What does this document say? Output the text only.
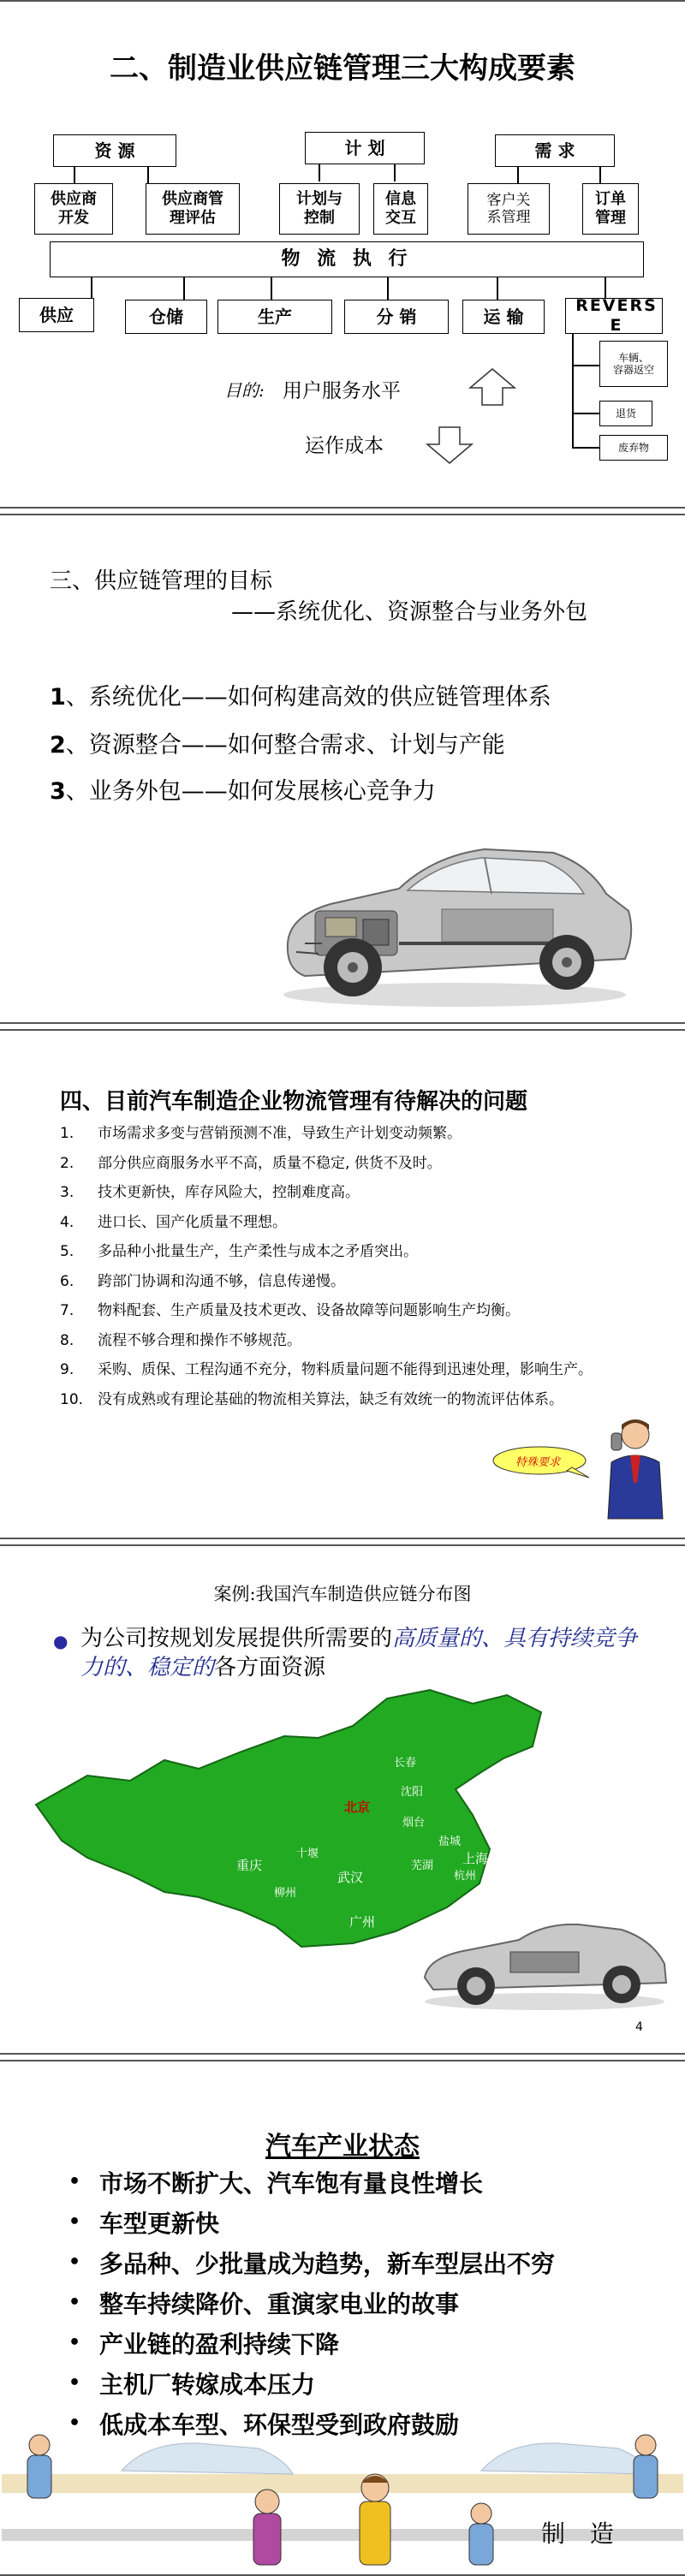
二、制造业供应链管理三大构成要素
资 源	计 划	需 求
供应商
开发
供应商管
理评估
计划与
控制
信息
交互
客户关
系管理
订单
管理
物 流 执 行
供应	仓储	生产	分 销	运 输
REVERSE
车辆、
容器返空
退货
废弃物
目的: 用户服务水平
运作成本
三、供应链管理的目标
——系统优化、资源整合与业务外包
1、系统优化——如何构建高效的供应链管理体系
2、资源整合——如何整合需求、计划与产能
3、业务外包——如何发展核心竞争力
四、目前汽车制造企业物流管理有待解决的问题
1.	市场需求多变与营销预测不准，导致生产计划变动频繁。
2.	部分供应商服务水平不高，质量不稳定, 供货不及时。
3.	技术更新快，库存风险大，控制难度高。
4.	进口长、国产化质量不理想。
5.	多品种小批量生产，生产柔性与成本之矛盾突出。
6.	跨部门协调和沟通不够，信息传递慢。
7.	物料配套、生产质量及技术更改、设备故障等问题影响生产均衡。
8.	流程不够合理和操作不够规范。
9.	采购、质保、工程沟通不充分，物料质量问题不能得到迅速处理，影响生产。
10. 没有成熟或有理论基础的物流相关算法，缺乏有效统一的物流评估体系。
特殊要求
案例:我国汽车制造供应链分布图
● 为公司按规划发展提供所需要的高质量的、具有持续竞争力的、稳定的各方面资源
长春
沈阳
北京
烟台
十堰
盐城
上海
重庆	芜湖
杭州
武汉
柳州
广州
4
汽车产业状态
• 市场不断扩大、汽车饱有量良性增长
• 车型更新快
• 多品种、少批量成为趋势，新车型层出不穷
• 整车持续降价、重演家电业的故事
• 产业链的盈利持续下降
• 主机厂转嫁成本压力
• 低成本车型、环保型受到政府鼓励
制 造
